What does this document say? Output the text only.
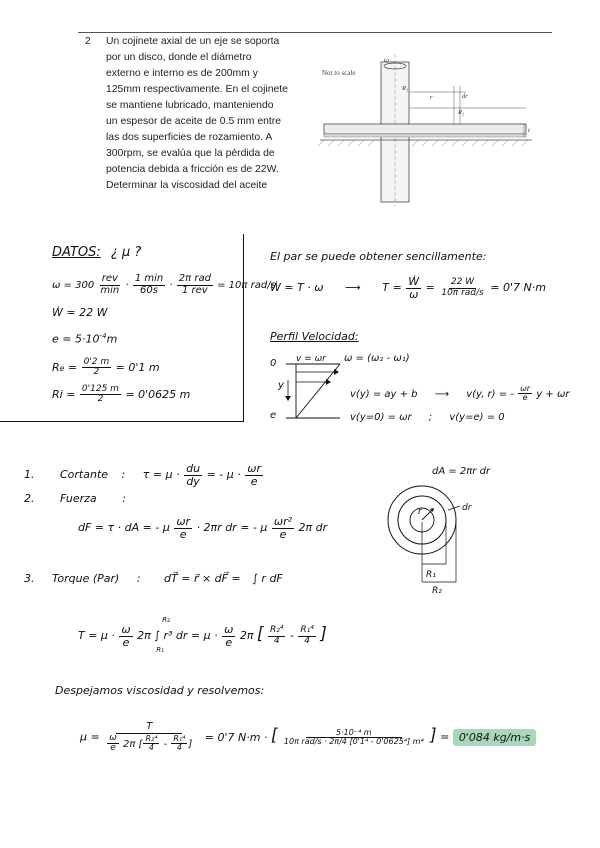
2 Un cojinete axial de un eje se soporta
por un disco, donde el diámetro
externo e interno es de 200mm y
125mm respectivamente. En el cojinete
se mantiene lubricado, manteniendo
un espesor de aceite de 0.5 mm entre
las dos superficies de rozamiento. A
300rpm, se evalúa que la pérdida de
potencia debida a fricción es de 22W.
Determinar la viscosidad del aceite
Not to scale
ω
R₁
r	dr
R₂
t
DATOS: ¿ μ ?
$\omega = 300 \frac{\text{rev}}{\min} \cdot \frac{1 \min}{60s} \cdot \frac{\text{2π rad}}{\text{1 rev}} = 10\pi$ rad/s
Ẇ = 22 W
$e = 5\cdot 10^{-4}m$
$Re = \frac{0'2 m}{2} = 0'1$ m
$Ri = \frac{0'125 m}{2} = 0'0625$ m
El par se puede obtener sencillamente:
Ẇ = T · ω ⟶ $T = \frac{\text{Ẇ}}{\omega} = \frac{22 W}{\text{10π rad/s}} = 0'7$ N·m
Perfil Velocidad:
0 v = ωr
y
e
ω = (ω₂ - ω₁)
v(y) = ay + b ⟶ v(y, r) = - $\frac{\omega r}{e}$ y + ωr
v(y=0) = ωr ; v(y=e) = 0
1. Cortante : $\tau = \mu \cdot \frac{du}{dy}$ = - $\mu \cdot \frac{\omega r}{e}$
2. Fuerza :
dF = τ · dA = - μ $\frac{\omega r}{e} \cdot 2\pi r$ dr = - μ $\frac{\text{ωr²}}{e} 2\pi$ dr
dA = 2πr dr
r	dr
R₁
R₂
3. Torque (Par) : dT⃗ = r⃗ × dF⃗ = ∫ r dF
$T = \mu \cdot \frac{\omega}{e} 2\pi$
R₂
∫ r³ dr
R₁
= $\mu \cdot \frac{\omega}{e} 2\pi$ [ $\frac{\text{R₂⁴}}{4} - \frac{\text{R₁⁴}}{4}$ ]
Despejamos viscosidad y resolvemos:
$\mu = \frac{T}{\frac{\omega}{e} 2\pi [ \frac{\text{R₂⁴}}{4} - \frac{\text{R₁⁴}}{4} ]} = 0'7$ N·m · [ $\frac{\text{5·10⁻⁴ m}}{\text{10π rad/s · 2π/4 [0'1⁴ - 0'0625⁴] m⁴}}$ ] = 0'084 kg/m·s
